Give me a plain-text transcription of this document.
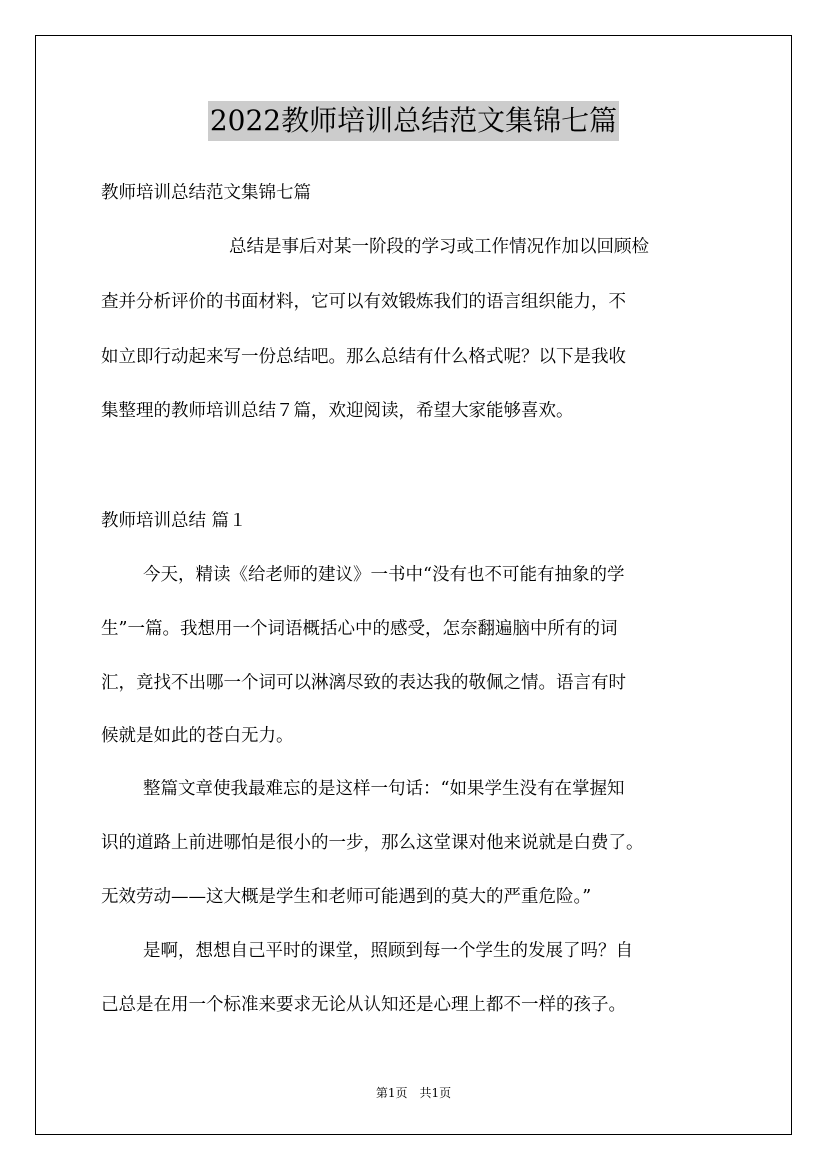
2022教师培训总结范文集锦七篇

教师培训总结范文集锦七篇

总结是事后对某一阶段的学习或工作情况作加以回顾检

查并分析评价的书面材料，它可以有效锻炼我们的语言组织能力，不

如立即行动起来写一份总结吧。那么总结有什么格式呢？以下是我收

集整理的教师培训总结７篇，欢迎阅读，希望大家能够喜欢。

教师培训总结 篇１

今天，精读《给老师的建议》一书中“没有也不可能有抽象的学

生”一篇。我想用一个词语概括心中的感受，怎奈翻遍脑中所有的词

汇，竟找不出哪一个词可以淋漓尽致的表达我的敬佩之情。语言有时

候就是如此的苍白无力。

整篇文章使我最难忘的是这样一句话：“如果学生没有在掌握知

识的道路上前进哪怕是很小的一步，那么这堂课对他来说就是白费了。

无效劳动——这大概是学生和老师可能遇到的莫大的严重危险。”

是啊，想想自己平时的课堂，照顾到每一个学生的发展了吗？自

己总是在用一个标准来要求无论从认知还是心理上都不一样的孩子。

第1页　共1页
